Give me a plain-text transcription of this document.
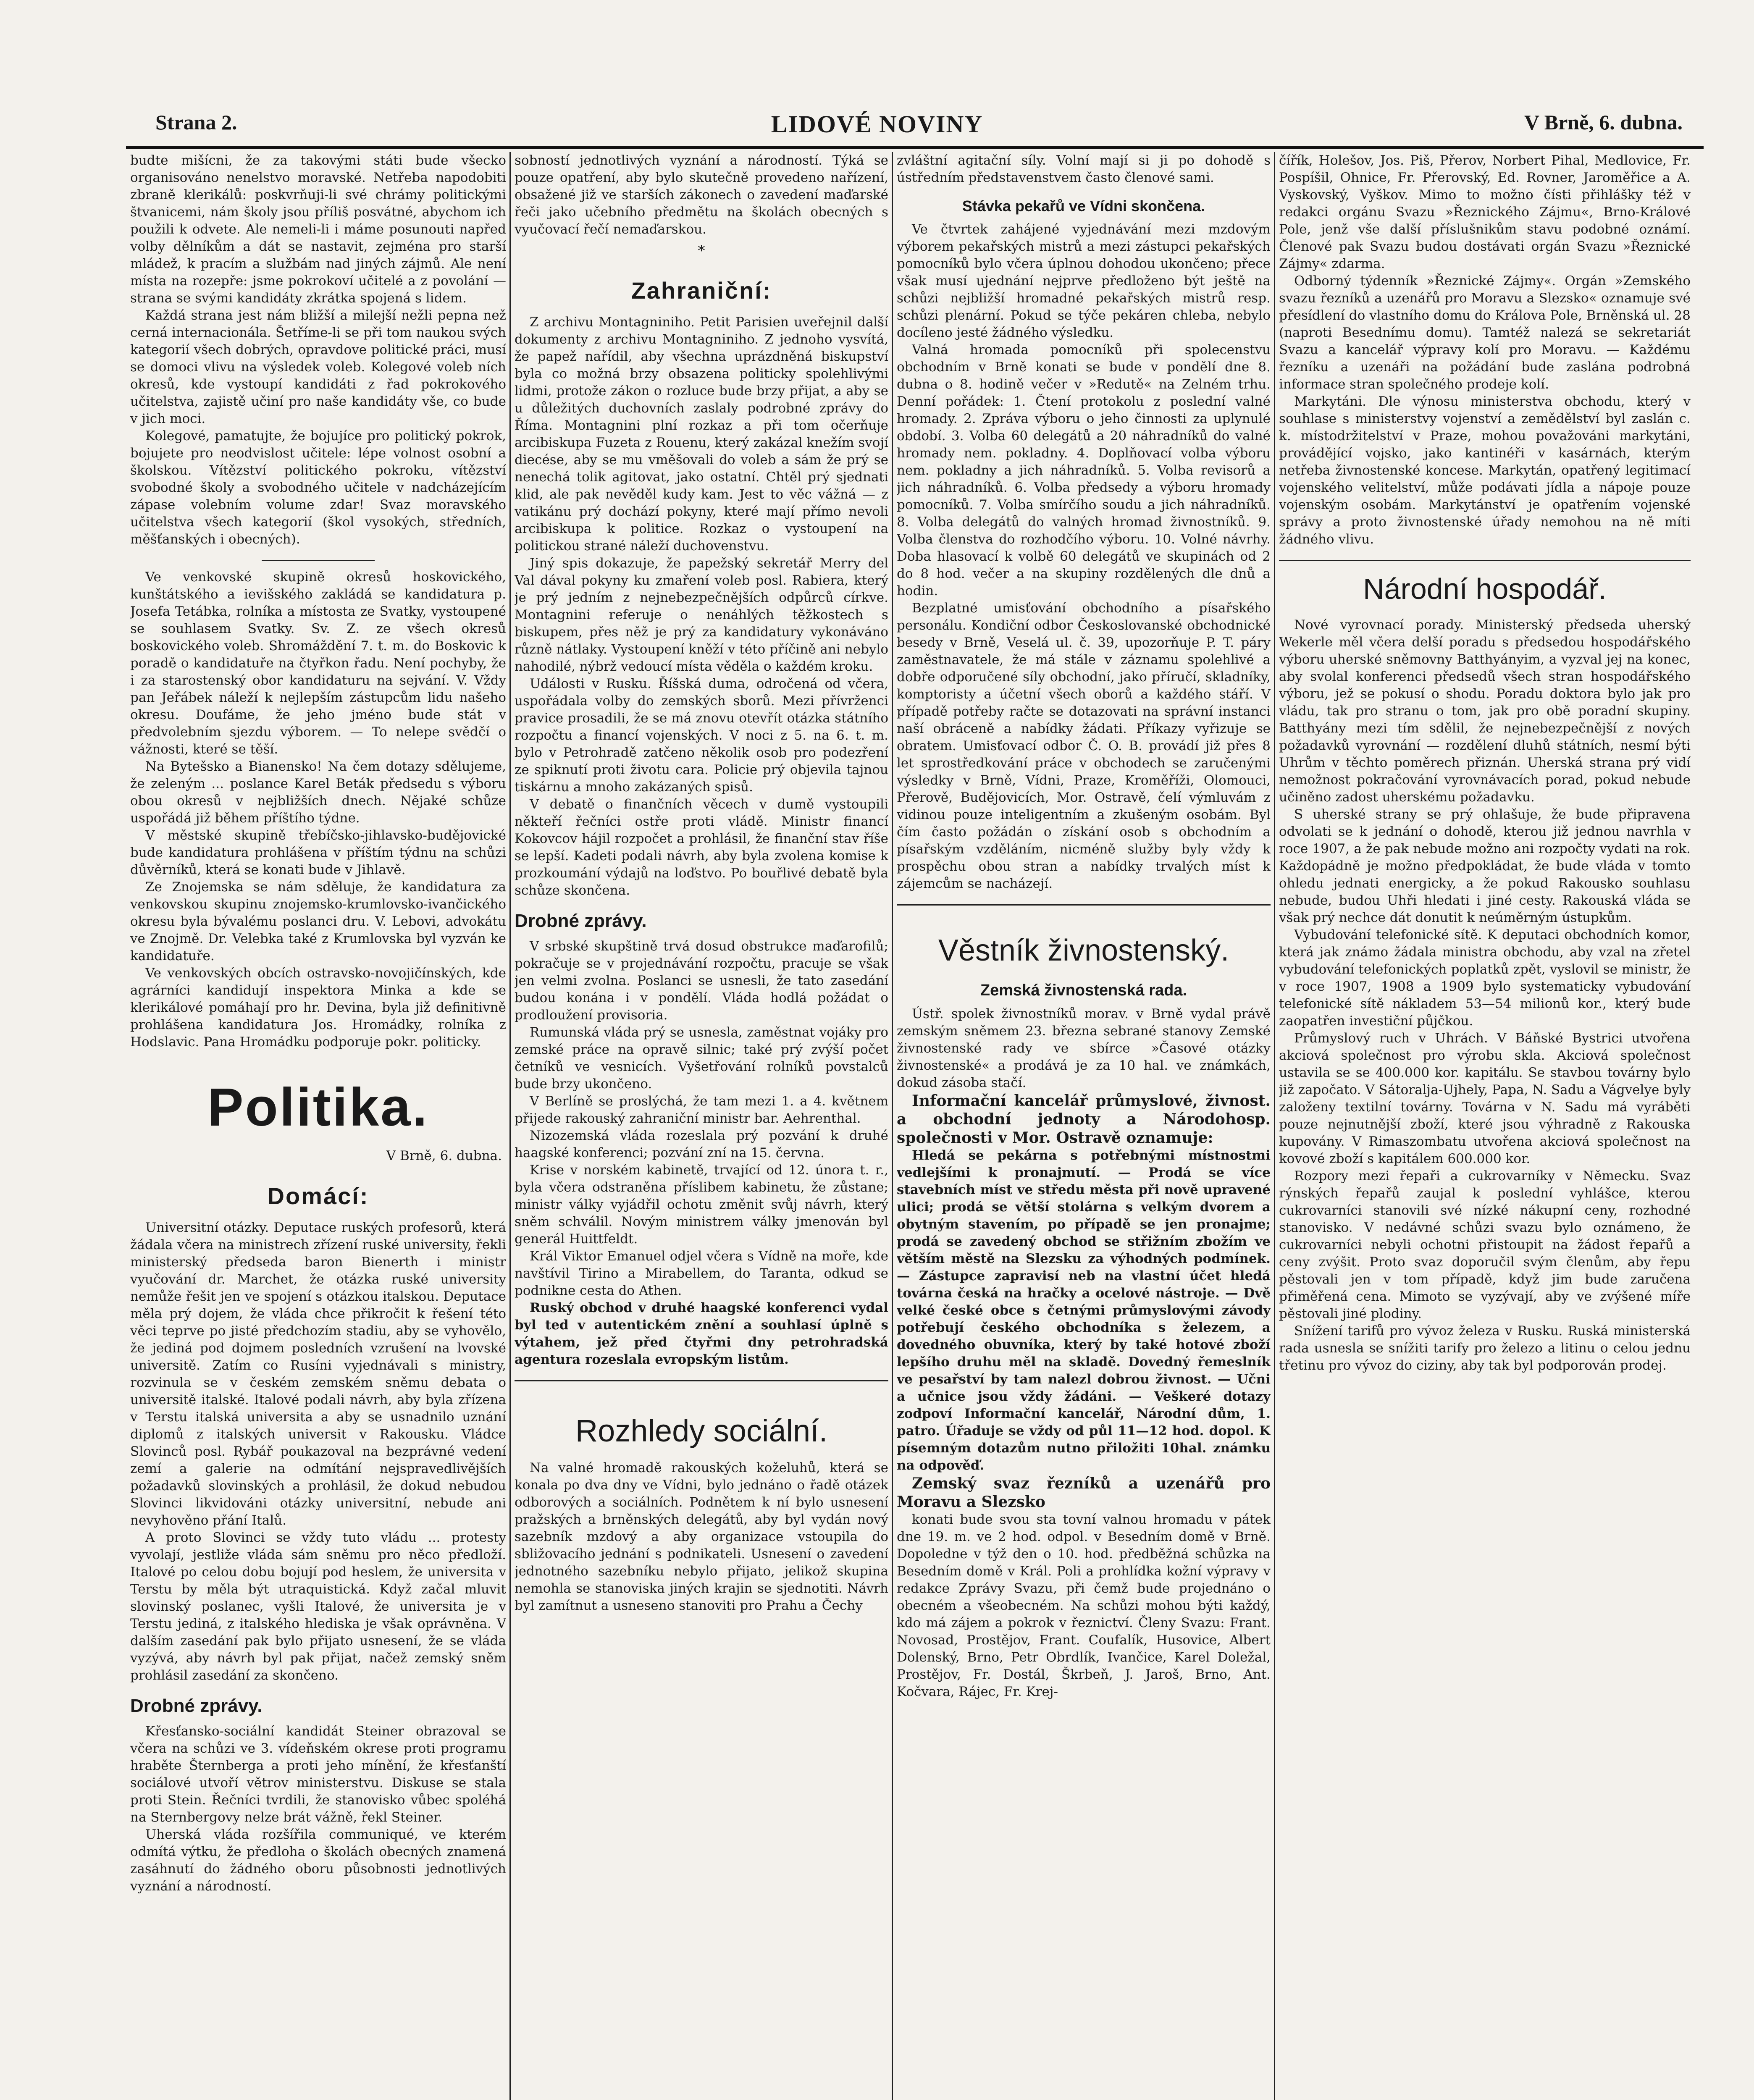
Strana 2.	LIDOVÉ NOVINY	V Brně, 6. dubna.

budte mišícni, že za takovými státi bude všecko organisováno nenelstvo moravské. Netřeba napodobiti zbraně klerikálů: poskvrňuji-li své chrámy politickými štvanicemi, nám školy jsou příliš posvátné, abychom ich použili k odvete. Ale nemeli-li i máme posunouti napřed volby dělníkům a dát se nastavit, zejména pro starší mládež, k pracím a službám nad jiných zájmů. Ale není místa na rozepře: jsme pokrokoví učitelé a z povolání — strana se svými kandidáty zkrátka spojená s lidem.

Každá strana jest nám bližší a milejší nežli pepna než cerná internacionála. Šetříme-li se při tom naukou svých kategorií všech dobrých, opravdove politické práci, musí se domoci vlivu na výsledek voleb. Kolegové voleb ních okresů, kde vystoupí kandidáti z řad pokrokového učitelstva, zajistě učiní pro naše kandidáty vše, co bude v jich moci.

Kolegové, pamatujte, že bojujíce pro politický pokrok, bojujete pro neodvislost učitele: lépe volnost osobní a školskou. Vítězství politického pokroku, vítězství svobodné školy a svobodného učitele v nadcházejícím zápase volebním volume zdar! Svaz moravského učitelstva všech kategorií (škol vysokých, středních, měšťanských i obecných).

Ve venkovské skupině okresů hoskovického, kunštátského a ievišského zakládá se kandidatura p. Josefa Tetábka, rolníka a místosta ze Svatky, vystoupené se souhlasem Svatky. Sv. Z. ze všech okresů boskovického voleb. Shromáždění 7. t. m. do Boskovic k poradě o kandidatuře na čtyřkon řadu. Není pochyby, že i za starostenský obor kandidaturu na sejvání. V. Vždy pan Jeřábek náleží k nejlepším zástupcům lidu našeho okresu. Doufáme, že jeho jméno bude stát v předvolebním sjezdu výborem. — To nelepe svědčí o vážnosti, které se těší.

Na Bytešsko a Bianensko! Na čem dotazy sdělujeme, že zeleným ... poslance Karel Beták předsedu s výboru obou okresů v nejbližších dnech. Nějaké schůze uspořádá již během příštího týdne.

V městské skupině třebíčsko-jihlavsko-budějovické bude kandidatura prohlášena v příštím týdnu na schůzi důvěrníků, která se konati bude v Jihlavě.

Ze Znojemska se nám sděluje, že kandidatura za venkovskou skupinu znojemsko-krumlovsko-ivančického okresu byla bývalému poslanci dru. V. Lebovi, advokátu ve Znojmě. Dr. Velebka také z Krumlovska byl vyzván ke kandidatuře.

Ve venkovských obcích ostravsko-novojičínských, kde agrárníci kandidují inspektora Minka a kde se klerikálové pomáhají pro hr. Devina, byla již definitivně prohlášena kandidatura Jos. Hromádky, rolníka z Hodslavic. Pana Hromádku podporuje pokr. politicky.

Politika.
V Brně, 6. dubna.
Domácí:

Universitní otázky. Deputace ruských profesorů, která žádala včera na ministrech zřízení ruské university, řekli ministerský předseda baron Bienerth i ministr vyučování dr. Marchet, že otázka ruské university nemůže řešit jen ve spojení s otázkou italskou. Deputace měla prý dojem, že vláda chce přikročit k řešení této věci teprve po jisté předchozím stadiu, aby se vyhovělo, že jediná pod dojmem posledních vzrušení na lvovské universitě. Zatím co Rusíni vyjednávali s ministry, rozvinula se v českém zemském sněmu debata o universitě italské. Italové podali návrh, aby byla zřízena v Terstu italská universita a aby se usnadnilo uznání diplomů z italských universit v Rakousku. Vládce Slovinců posl. Rybář poukazoval na bezprávné vedení zemí a galerie na odmítání nejspravedlivějších požadavků slovinských a prohlásil, že dokud nebudou Slovinci likvidováni otázky universitní, nebude ani nevyhověno přání Italů.

A proto Slovinci se vždy tuto vládu ... protesty vyvolají, jestliže vláda sám sněmu pro něco předloží. Italové po celou dobu bojují pod heslem, že universita v Terstu by měla být utraquistická. Když začal mluvit slovinský poslanec, vyšli Italové, že universita je v Terstu jediná, z italského hlediska je však oprávněna. V dalším zasedání pak bylo přijato usnesení, že se vláda vyzývá, aby návrh byl pak přijat, načež zemský sněm prohlásil zasedání za skončeno.

Drobné zprávy.

Křesťansko-sociální kandidát Steiner obrazoval se včera na schůzi ve 3. vídeňském okrese proti programu hraběte Šternberga a proti jeho mínění, že křesťanští sociálové utvoří větrov ministerstvu. Diskuse se stala proti Stein. Řečníci tvrdili, že stanovisko vůbec spoléhá na Sternbergovy nelze brát vážně, řekl Steiner.

Uherská vláda rozšířila communiqué, ve kterém odmítá výtku, že předloha o školách obecných znamená zasáhnutí do žádného oboru působnosti jednotlivých vyznání a národností.

sobností jednotlivých vyznání a národností. Týká se pouze opatření, aby bylo skutečně provedeno nařízení, obsažené již ve starších zákonech o zavedení maďarské řeči jako učebního předmětu na školách obecných s vyučovací řečí nemaďarskou.

*
Zahraniční:

Z archivu Montagniniho. Petit Parisien uveřejnil další dokumenty z archivu Montagniniho. Z jednoho vysvítá, že papež nařídil, aby všechna uprázdněná biskupství byla co možná brzy obsazena politicky spolehlivými lidmi, protože zákon o rozluce bude brzy přijat, a aby se u důležitých duchovních zaslaly podrobné zprávy do Říma. Montagnini plní rozkaz a při tom očerňuje arcibiskupa Fuzeta z Rouenu, který zakázal knežím svojí diecése, aby se mu vměšovali do voleb a sám že prý se nenechá tolik agitovat, jako ostatní. Chtěl prý sjednati klid, ale pak nevěděl kudy kam. Jest to věc vážná — z vatikánu prý dochází pokyny, které mají přímo nevoli arcibiskupa k politice. Rozkaz o vystoupení na politickou strané náleží duchovenstvu.

Jiný spis dokazuje, že papežský sekretář Merry del Val dával pokyny ku zmaření voleb posl. Rabiera, který je prý jedním z nejnebezpečnějších odpůrců církve. Montagnini referuje o nenáhlých těžkostech s biskupem, přes něž je prý za kandidatury vykonáváno různě nátlaky. Vystoupení kněží v této příčině ani nebylo nahodilé, nýbrž vedoucí místa věděla o každém kroku.

Události v Rusku. Říšská duma, odročená od včera, uspořádala volby do zemských sborů. Mezi přívrženci pravice prosadili, že se má znovu otevřít otázka státního rozpočtu a financí vojenských. V noci z 5. na 6. t. m. bylo v Petrohradě zatčeno několik osob pro podezření ze spiknutí proti životu cara. Policie prý objevila tajnou tiskárnu a mnoho zakázaných spisů.

V debatě o finančních věcech v dumě vystoupili někteří řečníci ostře proti vládě. Ministr financí Kokovcov hájil rozpočet a prohlásil, že finanční stav říše se lepší. Kadeti podali návrh, aby byla zvolena komise k prozkoumání výdajů na loďstvo. Po bouřlivé debatě byla schůze skončena.

Drobné zprávy.

V srbské skupštině trvá dosud obstrukce maďarofilů; pokračuje se v projednávání rozpočtu, pracuje se však jen velmi zvolna. Poslanci se usnesli, že tato zasedání budou konána i v pondělí. Vláda hodlá požádat o prodloužení provisoria.

Rumunská vláda prý se usnesla, zaměstnat vojáky pro zemské práce na opravě silnic; také prý zvýší počet četníků ve vesnicích. Vyšetřování rolníků povstalců bude brzy ukončeno.

V Berlíně se proslýchá, že tam mezi 1. a 4. květnem přijede rakouský zahraniční ministr bar. Aehrenthal.

Nizozemská vláda rozeslala prý pozvání k druhé haagské konferenci; pozvání zní na 15. června.

Krise v norském kabinetě, trvající od 12. února t. r., byla včera odstraněna příslibem kabinetu, že zůstane; ministr války vyjádřil ochotu změnit svůj návrh, který sněm schválil. Novým ministrem války jmenován byl generál Huittfeldt.

Král Viktor Emanuel odjel včera s Vídně na moře, kde navštívil Tirino a Mirabellem, do Taranta, odkud se podnikne cesta do Athen.

Ruský obchod v druhé haagské konferenci vydal byl ted v autentickém znění a souhlasí úplně s výtahem, jež před čtyřmi dny petrohradská agentura rozeslala evropským listům.

Rozhledy sociální.

Na valné hromadě rakouských koželuhů, která se konala po dva dny ve Vídni, bylo jednáno o řadě otázek odborových a sociálních. Podnětem k ní bylo usnesení pražských a brněnských delegátů, aby byl vydán nový sazebník mzdový a aby organizace vstoupila do sbližovacího jednání s podnikateli. Usnesení o zavedení jednotného sazebníku nebylo přijato, jelikož skupina nemohla se stanoviska jiných krajin se sjednotiti. Návrh byl zamítnut a usneseno stanoviti pro Prahu a Čechy

zvláštní agitační síly. Volní mají si ji po dohodě s ústředním představenstvem často členové sami.

Stávka pekařů ve Vídni skončena.

Ve čtvrtek zahájené vyjednávání mezi mzdovým výborem pekařských mistrů a mezi zástupci pekařských pomocníků bylo včera úplnou dohodou ukončeno; přece však musí ujednání nejprve předloženo být ještě na schůzi nejbližší hromadné pekařských mistrů resp. schůzi plenární. Pokud se týče pekáren chleba, nebylo docíleno jesté žádného výsledku.

Valná hromada pomocníků při spolecenstvu obchodním v Brně konati se bude v pondělí dne 8. dubna o 8. hodině večer v »Redutě« na Zelném trhu. Denní pořádek: 1. Čtení protokolu z poslední valné hromady. 2. Zpráva výboru o jeho činnosti za uplynulé období. 3. Volba 60 delegátů a 20 náhradníků do valné hromady nem. pokladny. 4. Doplňovací volba výboru nem. pokladny a jich náhradníků. 5. Volba revisorů a jich náhradníků. 6. Volba předsedy a výboru hromady pomocníků. 7. Volba smírčího soudu a jich náhradníků. 8. Volba delegátů do valných hromad živnostníků. 9. Volba členstva do rozhodčího výboru. 10. Volné návrhy. Doba hlasovací k volbě 60 delegátů ve skupinách od 2 do 8 hod. večer a na skupiny rozdělených dle dnů a hodin.

Bezplatné umisťování obchodního a písařského personálu. Kondiční odbor Českoslovanské obchodnické besedy v Brně, Veselá ul. č. 39, upozorňuje P. T. páry zaměstnavatele, že má stále v záznamu spolehlivé a dobře odporučené síly obchodní, jako příručí, skladníky, komptoristy a účetní všech oborů a každého stáří. V případě potřeby račte se dotazovati na správní instanci naší obráceně a nabídky žádati. Příkazy vyřizuje se obratem. Umisťovací odbor Č. O. B. provádí již přes 8 let sprostředkování práce v obchodech se zaručenými výsledky v Brně, Vídni, Praze, Kroměříži, Olomouci, Přerově, Budějovicích, Mor. Ostravě, čelí výmluvám z vidinou pouze inteligentním a zkušeným osobám. Byl čím často požádán o získání osob s obchodním a písařským vzděláním, nicméně služby byly vždy k prospěchu obou stran a nabídky trvalých míst k zájemcům se nacházejí.

Věstník živnostenský.
Zemská živnostenská rada.

Ústř. spolek živnostníků morav. v Brně vydal právě zemským sněmem 23. března sebrané stanovy Zemské živnostenské rady ve sbírce »Časové otázky živnostenské« a prodává je za 10 hal. ve známkách, dokud zásoba stačí.

Informační kancelář průmyslové, živnost. a obchodní jednoty a Národohosp. společnosti v Mor. Ostravě oznamuje:

Hledá se pekárna s potřebnými místnostmi vedlejšími k pronajmutí. — Prodá se více stavebních míst ve středu města při nově upravené ulici; prodá se větší stolárna s velkým dvorem a obytným stavením, po případě se jen pronajme; prodá se zavedený obchod se střižním zbožím ve větším městě na Slezsku za výhodných podmínek. — Zástupce zapravisí neb na vlastní účet hledá továrna česká na hračky a ocelové nástroje. — Dvě velké české obce s četnými průmyslovými závody potřebují českého obchodníka s železem, a dovedného obuvníka, který by také hotové zboží lepšího druhu měl na skladě. Dovedný řemeslník ve pesařství by tam nalezl dobrou živnost. — Učni a učnice jsou vždy žádáni. — Veškeré dotazy zodpoví Informační kancelář, Národní dům, 1. patro. Úřaduje se vždy od půl 11—12 hod. dopol. K písemným dotazům nutno přiložiti 10hal. známku na odpověď.

Zemský svaz řezníků a uzenářů pro Moravu a Slezsko

konati bude svou sta tovní valnou hromadu v pátek dne 19. m. ve 2 hod. odpol. v Besedním domě v Brně. Dopoledne v týž den o 10. hod. předběžná schůzka na Besedním domě v Král. Poli a prohlídka kožní výpravy v redakce Zprávy Svazu, při čemž bude projednáno o obecném a všeobecném. Na schůzi mohou býti každý, kdo má zájem a pokrok v řeznictví. Členy Svazu: Frant. Novosad, Prostějov, Frant. Coufalík, Husovice, Albert Dolenský, Brno, Petr Obrdlík, Ivančice, Karel Doležal, Prostějov, Fr. Dostál, Škrbeň, J. Jaroš, Brno, Ant. Kočvara, Rájec, Fr. Krej-

čířík, Holešov, Jos. Piš, Přerov, Norbert Pihal, Medlovice, Fr. Pospíšil, Ohnice, Fr. Přerovský, Ed. Rovner, Jaroměřice a A. Vyskovský, Vyškov. Mimo to možno čísti přihlášky též v redakci orgánu Svazu »Řeznického Zájmu«, Brno-Králové Pole, jenž vše další příslušnikům stavu podobné oznámí. Členové pak Svazu budou dostávati orgán Svazu »Řeznické Zájmy« zdarma.

Odborný týdenník »Řeznické Zájmy«. Orgán »Zemského svazu řezníků a uzenářů pro Moravu a Slezsko« oznamuje své přesídlení do vlastního domu do Králova Pole, Brněnská ul. 28 (naproti Besednímu domu). Tamtéž nalezá se sekretariát Svazu a kancelář výpravy kolí pro Moravu. — Každému řezníku a uzenáři na požádání bude zaslána podrobná informace stran společného prodeje kolí.

Markytáni. Dle výnosu ministerstva obchodu, který v souhlase s ministerstvy vojenství a zemědělství byl zaslán c. k. místodržitelství v Praze, mohou považováni markytáni, provádějící vojsko, jako kantinéři v kasárnách, kterým netřeba živnostenské koncese. Markytán, opatřený legitimací vojenského velitelství, může podávati jídla a nápoje pouze vojenským osobám. Markytánství je opatřením vojenské správy a proto živnostenské úřady nemohou na ně míti žádného vlivu.

Národní hospodář.

Nové vyrovnací porady. Ministerský předseda uherský Wekerle měl včera delší poradu s předsedou hospodářského výboru uherské sněmovny Batthyányim, a vyzval jej na konec, aby svolal konferenci předsedů všech stran hospodářského výboru, jež se pokusí o shodu. Poradu doktora bylo jak pro vládu, tak pro stranu o tom, jak pro obě poradní skupiny. Batthyány mezi tím sdělil, že nejnebezpečnější z nových požadavků vyrovnání — rozdělení dluhů státních, nesmí býti Uhrům v těchto poměrech přiznán. Uherská strana prý vidí nemožnost pokračování vyrovnávacích porad, pokud nebude učiněno zadost uherskému požadavku.

S uherské strany se prý ohlašuje, že bude připravena odvolati se k jednání o dohodě, kterou již jednou navrhla v roce 1907, a že pak nebude možno ani rozpočty vydati na rok. Každopádně je možno předpokládat, že bude vláda v tomto ohledu jednati energicky, a že pokud Rakousko souhlasu nebude, budou Uhři hledati i jiné cesty. Rakouská vláda se však prý nechce dát donutit k neúměrným ústupkům.

Vybudování telefonické sítě. K deputaci obchodních komor, která jak známo žádala ministra obchodu, aby vzal na zřetel vybudování telefonických poplatků zpět, vyslovil se ministr, že v roce 1907, 1908 a 1909 bylo systematicky vybudování telefonické sítě nákladem 53—54 milionů kor., který bude zaopatřen investiční půjčkou.

Průmyslový ruch v Uhrách. V Báňské Bystrici utvořena akciová společnost pro výrobu skla. Akciová společnost ustavila se se 400.000 kor. kapitálu. Se stavbou továrny bylo již započato. V Sátoralja-Ujhely, Papa, N. Sadu a Vágvelye byly založeny textilní továrny. Továrna v N. Sadu má vyráběti pouze nejnutnější zboží, které jsou výhradně z Rakouska kupovány. V Rimaszombatu utvořena akciová společnost na kovové zboží s kapitálem 600.000 kor.

Rozpory mezi řepaři a cukrovarníky v Německu. Svaz rýnských řepařů zaujal k poslední vyhlášce, kterou cukrovarníci stanovili své nízké nákupní ceny, rozhodné stanovisko. V nedávné schůzi svazu bylo oznámeno, že cukrovarníci nebyli ochotni přistoupit na žádost řepařů a ceny zvýšit. Proto svaz doporučil svým členům, aby řepu pěstovali jen v tom případě, když jim bude zaručena přiměřená cena. Mimoto se vyzývají, aby ve zvýšené míře pěstovali jiné plodiny.

Snížení tarifů pro vývoz železa v Rusku. Ruská ministerská rada usnesla se snížiti tarify pro železo a litinu o celou jednu třetinu pro vývoz do ciziny, aby tak byl podporován prodej.
